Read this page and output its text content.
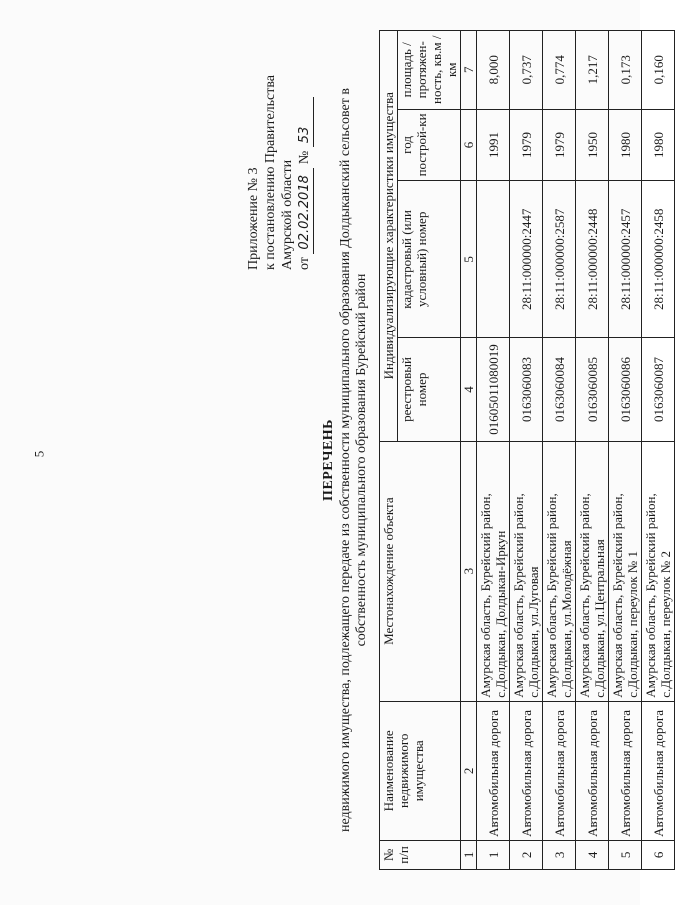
5
Приложение № 3 к постановлению Правительства Амурской области от 02.02.2018 № 53
ПЕРЕЧЕНЬ недвижимого имущества, подлежащего передаче из собственности муниципального образования Долдыканский сельсовет в собственность муниципального образования Бурейский район
№ п/п	Наименование недвижимого имущества	Местонахождение объекта	Индивидуализирующие характеристики имущества			
			реестровый номер	кадастровый (или условный) номер	год построй-ки	площадь / протяжен-ность, кв.м / км
1	2	3	4	5	6	7
1	Автомобильная дорога	Амурская область, Бурейский район, с.Долдыкан, Долдыкан-Иркун	01605011080019		1991	8,000
2	Автомобильная дорога	Амурская область, Бурейский район, с.Долдыкан, ул.Луговая	0163060083	28:11:000000:2447	1979	0,737
3	Автомобильная дорога	Амурская область, Бурейский район, с.Долдыкан, ул.Молодёжная	0163060084	28:11:000000:2587	1979	0,774
4	Автомобильная дорога	Амурская область, Бурейский район, с.Долдыкан, ул.Центральная	0163060085	28:11:000000:2448	1950	1,217
5	Автомобильная дорога	Амурская область, Бурейский район, с.Долдыкан, переулок № 1	0163060086	28:11:000000:2457	1980	0,173
6	Автомобильная дорога	Амурская область, Бурейский район, с.Долдыкан, переулок № 2	0163060087	28:11:000000:2458	1980	0,160
